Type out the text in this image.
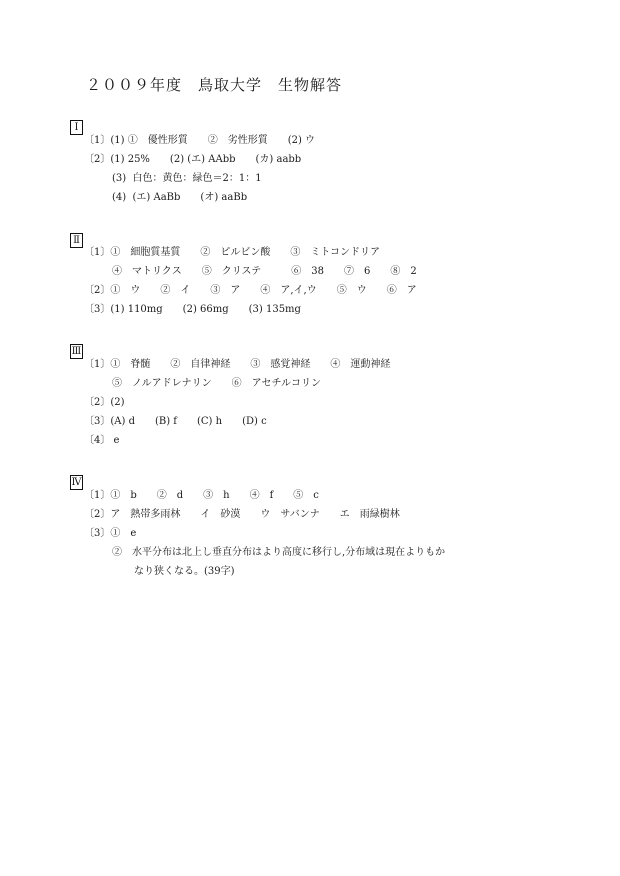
２００９年度　鳥取大学　生物解答
Ⅰ
〔1〕(1) ①　優性形質　　②　劣性形質　　(2) ウ
〔2〕(1) 25%　　(2) (エ) AAbb　　(カ) aabb
(3)  白色：黄色：緑色＝2：1：1
(4)  (エ) AaBb　　(オ) aaBb
Ⅱ
〔1〕①　細胞質基質　　②　ピルビン酸　　③　ミトコンドリア
④　マトリクス　　⑤　クリステ　　　⑥　38　　⑦　6　　⑧　2
〔2〕①　ウ　　②　イ　　③　ア　　④　ア,イ,ウ　　⑤　ウ　　⑥　ア
〔3〕(1) 110mg　　(2) 66mg　　(3) 135mg
Ⅲ
〔1〕①　脊髄　　②　自律神経　　③　感覚神経　　④　運動神経
⑤　ノルアドレナリン　　⑥　アセチルコリン
〔2〕(2)
〔3〕(A) d　　(B) f　　(C) h　　(D) c
〔4〕 e
Ⅳ
〔1〕①　b　　②　d　　③　h　　④　f　　⑤　c
〔2〕ア　熱帯多雨林　　イ　砂漠　　ウ　サバンナ　　エ　雨緑樹林
〔3〕①　e
②　水平分布は北上し垂直分布はより高度に移行し,分布域は現在よりもか
なり狭くなる。(39字)
